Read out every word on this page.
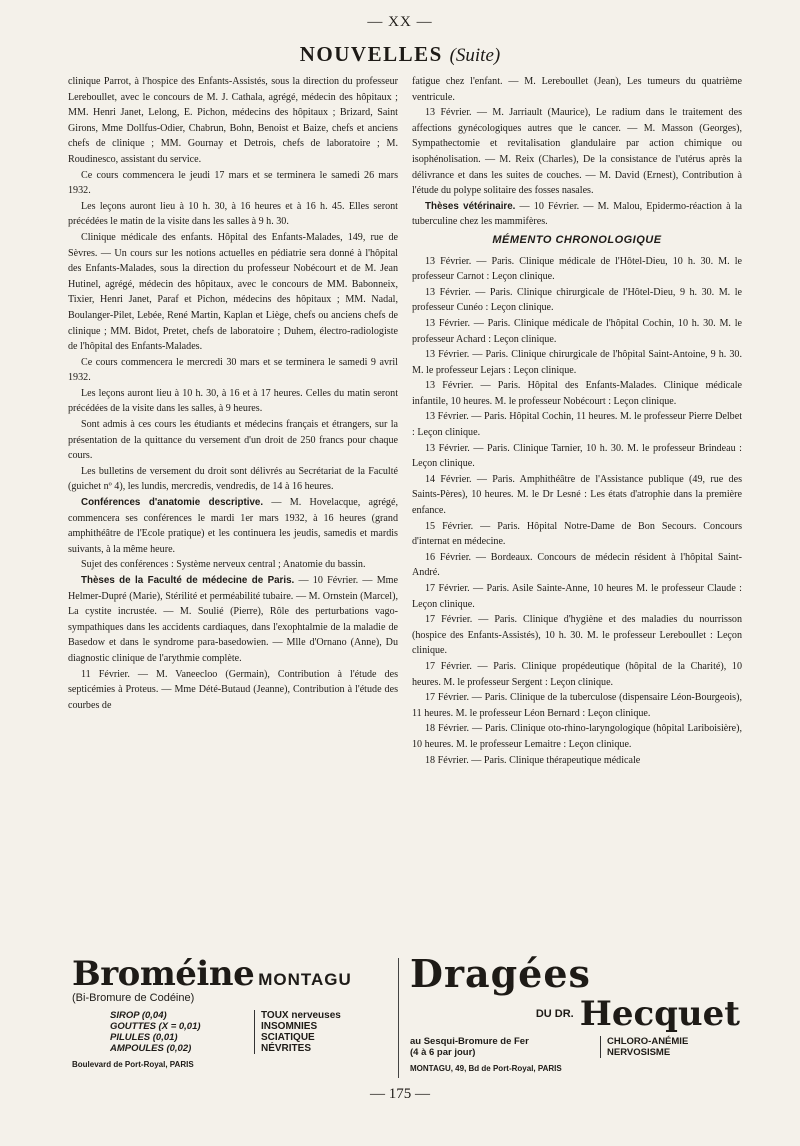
— XX —
NOUVELLES (Suite)

clinique Parrot, à l'hospice des Enfants-Assistés, sous la direction du professeur Lereboullet, avec le concours de M. J. Cathala, agrégé, médecin des hôpitaux ; MM. Henri Janet, Lelong, E. Pichon, médecins des hôpitaux ; Brizard, Saint Girons, Mme Dollfus-Odier, Chabrun, Bohn, Benoist et Baize, chefs et anciens chefs de clinique ; MM. Gournay et Detrois, chefs de laboratoire ; M. Roudinesco, assistant du service.

Ce cours commencera le jeudi 17 mars et se terminera le samedi 26 mars 1932.

Les leçons auront lieu à 10 h. 30, à 16 heures et à 16 h. 45. Elles seront précédées le matin de la visite dans les salles à 9 h. 30.

Clinique médicale des enfants. Hôpital des Enfants-Malades, 149, rue de Sèvres. — Un cours sur les notions actuelles en pédiatrie sera donné à l'hôpital des Enfants-Malades, sous la direction du professeur Nobécourt et de M. Jean Hutinel, agrégé, médecin des hôpitaux, avec le concours de MM. Babonneix, Tixier, Henri Janet, Paraf et Pichon, médecins des hôpitaux ; MM. Nadal, Boulanger-Pilet, Lebée, René Martin, Kaplan et Liège, chefs ou anciens chefs de clinique ; MM. Bidot, Pretet, chefs de laboratoire ; Duhem, électro-radiologiste de l'hôpital des Enfants-Malades.

Ce cours commencera le mercredi 30 mars et se terminera le samedi 9 avril 1932.

Les leçons auront lieu à 10 h. 30, à 16 et à 17 heures. Celles du matin seront précédées de la visite dans les salles, à 9 heures.

Sont admis à ces cours les étudiants et médecins français et étrangers, sur la présentation de la quittance du versement d'un droit de 250 francs pour chaque cours.

Les bulletins de versement du droit sont délivrés au Secrétariat de la Faculté (guichet nº 4), les lundis, mercredis, vendredis, de 14 à 16 heures.

Conférences d'anatomie descriptive. — M. Hovelacque, agrégé, commencera ses conférences le mardi 1er mars 1932, à 16 heures (grand amphithéâtre de l'Ecole pratique) et les continuera les jeudis, samedis et mardis suivants, à la même heure.

Sujet des conférences : Système nerveux central ; Anatomie du bassin.

Thèses de la Faculté de médecine de Paris. — 10 Février. — Mme Helmer-Dupré (Marie), Stérilité et perméabilité tubaire. — M. Ornstein (Marcel), La cystite incrustée. — M. Soulié (Pierre), Rôle des perturbations vago-sympathiques dans les accidents cardiaques, dans l'exophtalmie de la maladie de Basedow et dans le syndrome para-basedowien. — Mlle d'Ornano (Anne), Du diagnostic clinique de l'arythmie complète.

11 Février. — M. Vaneecloo (Germain), Contribution à l'étude des septicémies à Proteus. — Mme Dété-Butaud (Jeanne), Contribution à l'étude des courbes de

fatigue chez l'enfant. — M. Lereboullet (Jean), Les tumeurs du quatrième ventricule.

13 Février. — M. Jarriault (Maurice), Le radium dans le traitement des affections gynécologiques autres que le cancer. — M. Masson (Georges), Sympathectomie et revitalisation glandulaire par action chimique ou isophénolisation. — M. Reix (Charles), De la consistance de l'utérus après la délivrance et dans les suites de couches. — M. David (Ernest), Contribution à l'étude du polype solitaire des fosses nasales.

Thèses vétérinaire. — 10 Février. — M. Malou, Epidermo-réaction à la tuberculine chez les mammifères.

MÉMENTO CHRONOLOGIQUE

13 Février. — Paris. Clinique médicale de l'Hôtel-Dieu, 10 h. 30. M. le professeur Carnot : Leçon clinique.

13 Février. — Paris. Clinique chirurgicale de l'Hôtel-Dieu, 9 h. 30. M. le professeur Cunéo : Leçon clinique.

13 Février. — Paris. Clinique médicale de l'hôpital Cochin, 10 h. 30. M. le professeur Achard : Leçon clinique.

13 Février. — Paris. Clinique chirurgicale de l'hôpital Saint-Antoine, 9 h. 30. M. le professeur Lejars : Leçon clinique.

13 Février. — Paris. Hôpital des Enfants-Malades. Clinique médicale infantile, 10 heures. M. le professeur Nobécourt : Leçon clinique.

13 Février. — Paris. Hôpital Cochin, 11 heures. M. le professeur Pierre Delbet : Leçon clinique.

13 Février. — Paris. Clinique Tarnier, 10 h. 30. M. le professeur Brindeau : Leçon clinique.

14 Février. — Paris. Amphithéâtre de l'Assistance publique (49, rue des Saints-Pères), 10 heures. M. le Dr Lesné : Les états d'atrophie dans la première enfance.

15 Février. — Paris. Hôpital Notre-Dame de Bon Secours. Concours d'internat en médecine.

16 Février. — Bordeaux. Concours de médecin résident à l'hôpital Saint-André.

17 Février. — Paris. Asile Sainte-Anne, 10 heures M. le professeur Claude : Leçon clinique.

17 Février. — Paris. Clinique d'hygiène et des maladies du nourrisson (hospice des Enfants-Assistés), 10 h. 30. M. le professeur Lereboullet : Leçon clinique.

17 Février. — Paris. Clinique propédeutique (hôpital de la Charité), 10 heures. M. le professeur Sergent : Leçon clinique.

17 Février. — Paris. Clinique de la tuberculose (dispensaire Léon-Bourgeois), 11 heures. M. le professeur Léon Bernard : Leçon clinique.

18 Février. — Paris. Clinique oto-rhino-laryngologique (hôpital Lariboisière), 10 heures. M. le professeur Lemaitre : Leçon clinique.

18 Février. — Paris. Clinique thérapeutique médicale

Broméine MONTAGU
(Bi-Bromure de Codéine)
SIROP (0,04)
GOUTTES (X = 0,01)
PILULES (0,01)
AMPOULES (0,02)
TOUX nerveuses
INSOMNIES
SCIATIQUE
NÉVRITES
Boulevard de Port-Royal, PARIS
Dragées
DU DR. Hecquet
au Sesqui-Bromure de Fer
(4 à 6 par jour)
CHLORO-ANÉMIE
NERVOSISME
MONTAGU, 49, Bd de Port-Royal, PARIS
— 175 —
